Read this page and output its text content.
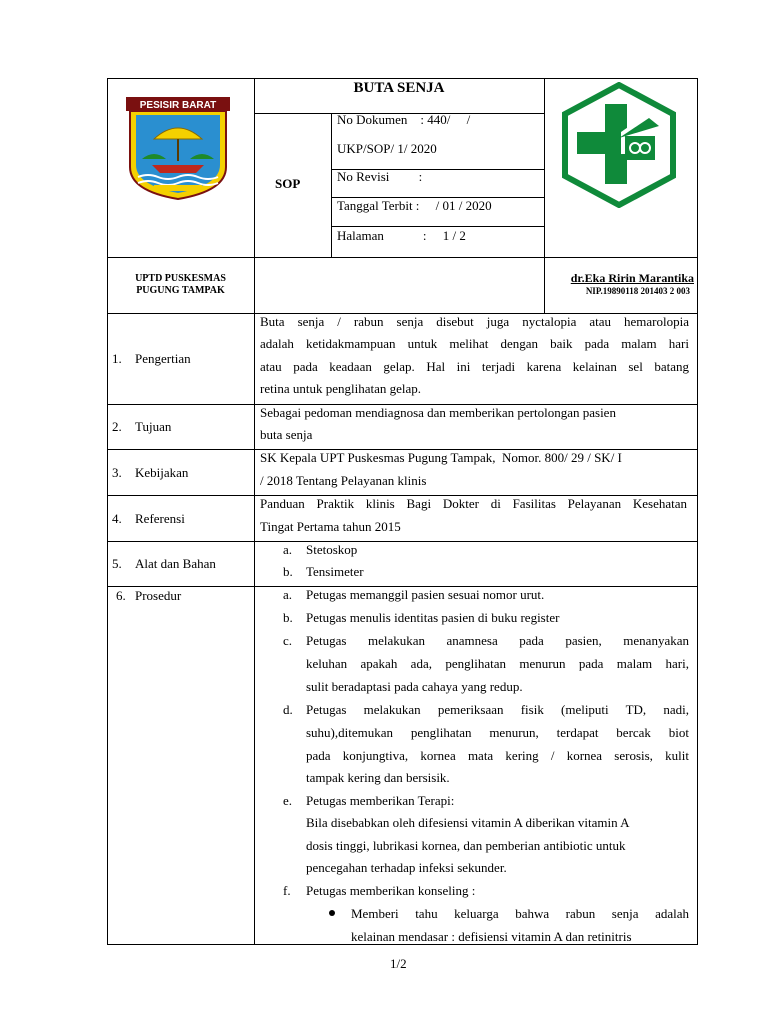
PESISIR BARAT
BUTA SENJA
SOP
No Dokumen    : 440/     /
UKP/SOP/ 1/ 2020
No Revisi         :
Tanggal Terbit :     / 01 / 2020
Halaman            :     1 / 2
UPTD PUSKESMAS
PUGUNG TAMPAK
dr.Eka Ririn Marantika
NIP.19890118 201403 2 003
1. Pengertian
Buta senja / rabun senja disebut juga nyctalopia atau hemarolopia
adalah ketidakmampuan untuk melihat dengan baik pada malam hari
atau pada keadaan gelap. Hal ini terjadi karena kelainan sel batang
retina untuk penglihatan gelap.
2. Tujuan
Sebagai pedoman mendiagnosa dan memberikan pertolongan pasien
buta senja
3. Kebijakan
SK Kepala UPT Puskesmas Pugung Tampak,  Nomor. 800/ 29 / SK/ I
/ 2018 Tentang Pelayanan klinis
4. Referensi
Panduan Praktik klinis Bagi Dokter di Fasilitas Pelayanan Kesehatan
Tingat Pertama tahun 2015
5. Alat dan Bahan
a. Stetoskop
b. Tensimeter
6. Prosedur	a. Petugas memanggil pasien sesuai nomor urut.
b. Petugas menulis identitas pasien di buku register
c. Petugas melakukan anamnesa pada pasien, menanyakan
keluhan apakah ada, penglihatan menurun pada malam hari,
sulit beradaptasi pada cahaya yang redup.
d. Petugas melakukan pemeriksaan fisik (meliputi TD, nadi,
suhu),ditemukan penglihatan menurun, terdapat bercak biot
pada konjungtiva, kornea mata kering / kornea serosis, kulit
tampak kering dan bersisik.
e. Petugas memberikan Terapi:
Bila disebabkan oleh difesiensi vitamin A diberikan vitamin A
dosis tinggi, lubrikasi kornea, dan pemberian antibiotic untuk
pencegahan terhadap infeksi sekunder.
f. Petugas memberikan konseling :
Memberi tahu keluarga bahwa rabun senja adalah
kelainan mendasar : defisiensi vitamin A dan retinitris
1/2
